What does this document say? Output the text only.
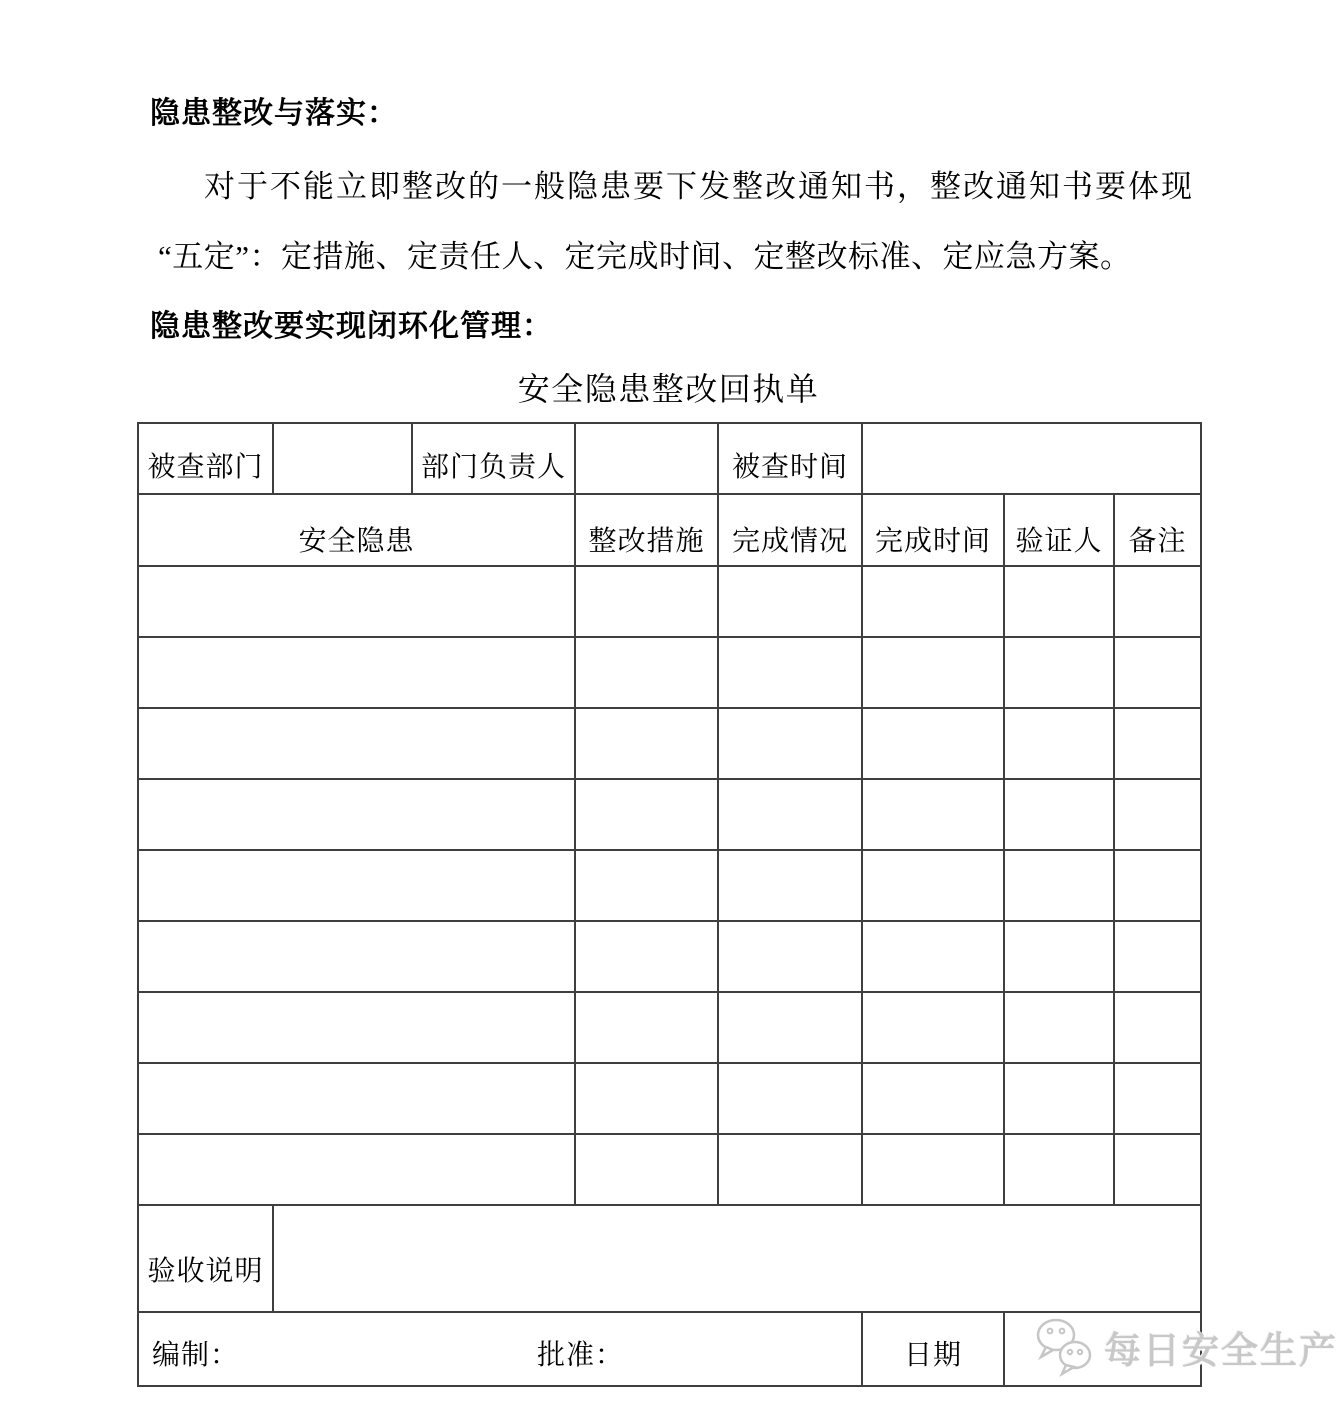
隐患整改与落实：
对于不能立即整改的一般隐患要下发整改通知书，整改通知书要体现
“五定”：定措施、定责任人、定完成时间、定整改标准、定应急方案。
隐患整改要实现闭环化管理：
安全隐患整改回执单
被查部门		部门负责人		被查时间			
安全隐患			整改措施	完成情况	完成时间	验证人	备注

验收说明							

编制： 批准：					日期			每日安全生产
